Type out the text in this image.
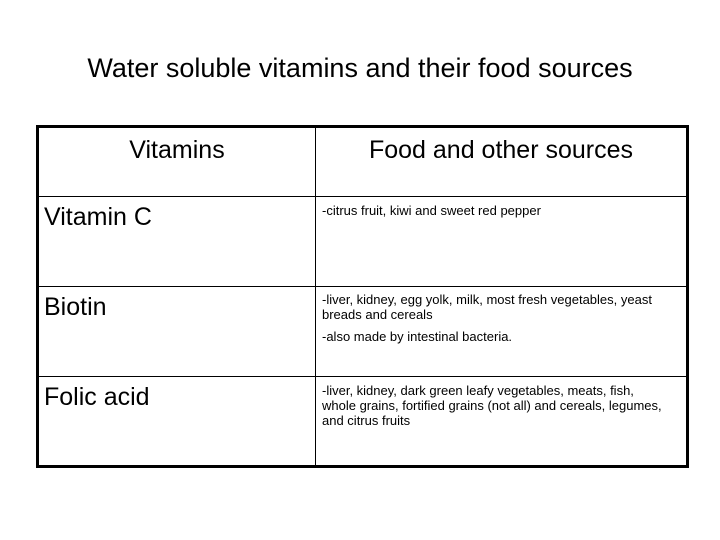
Water soluble vitamins and their food sources
Vitamins	Food and other sources
Vitamin C	-citrus fruit, kiwi and sweet red pepper

Biotin	-liver, kidney, egg yolk, milk, most fresh vegetables, yeast breads and cereals
-also made by intestinal bacteria.

Folic acid	-liver, kidney, dark green leafy vegetables, meats, fish, whole grains, fortified grains (not all) and cereals, legumes, and citrus fruits
